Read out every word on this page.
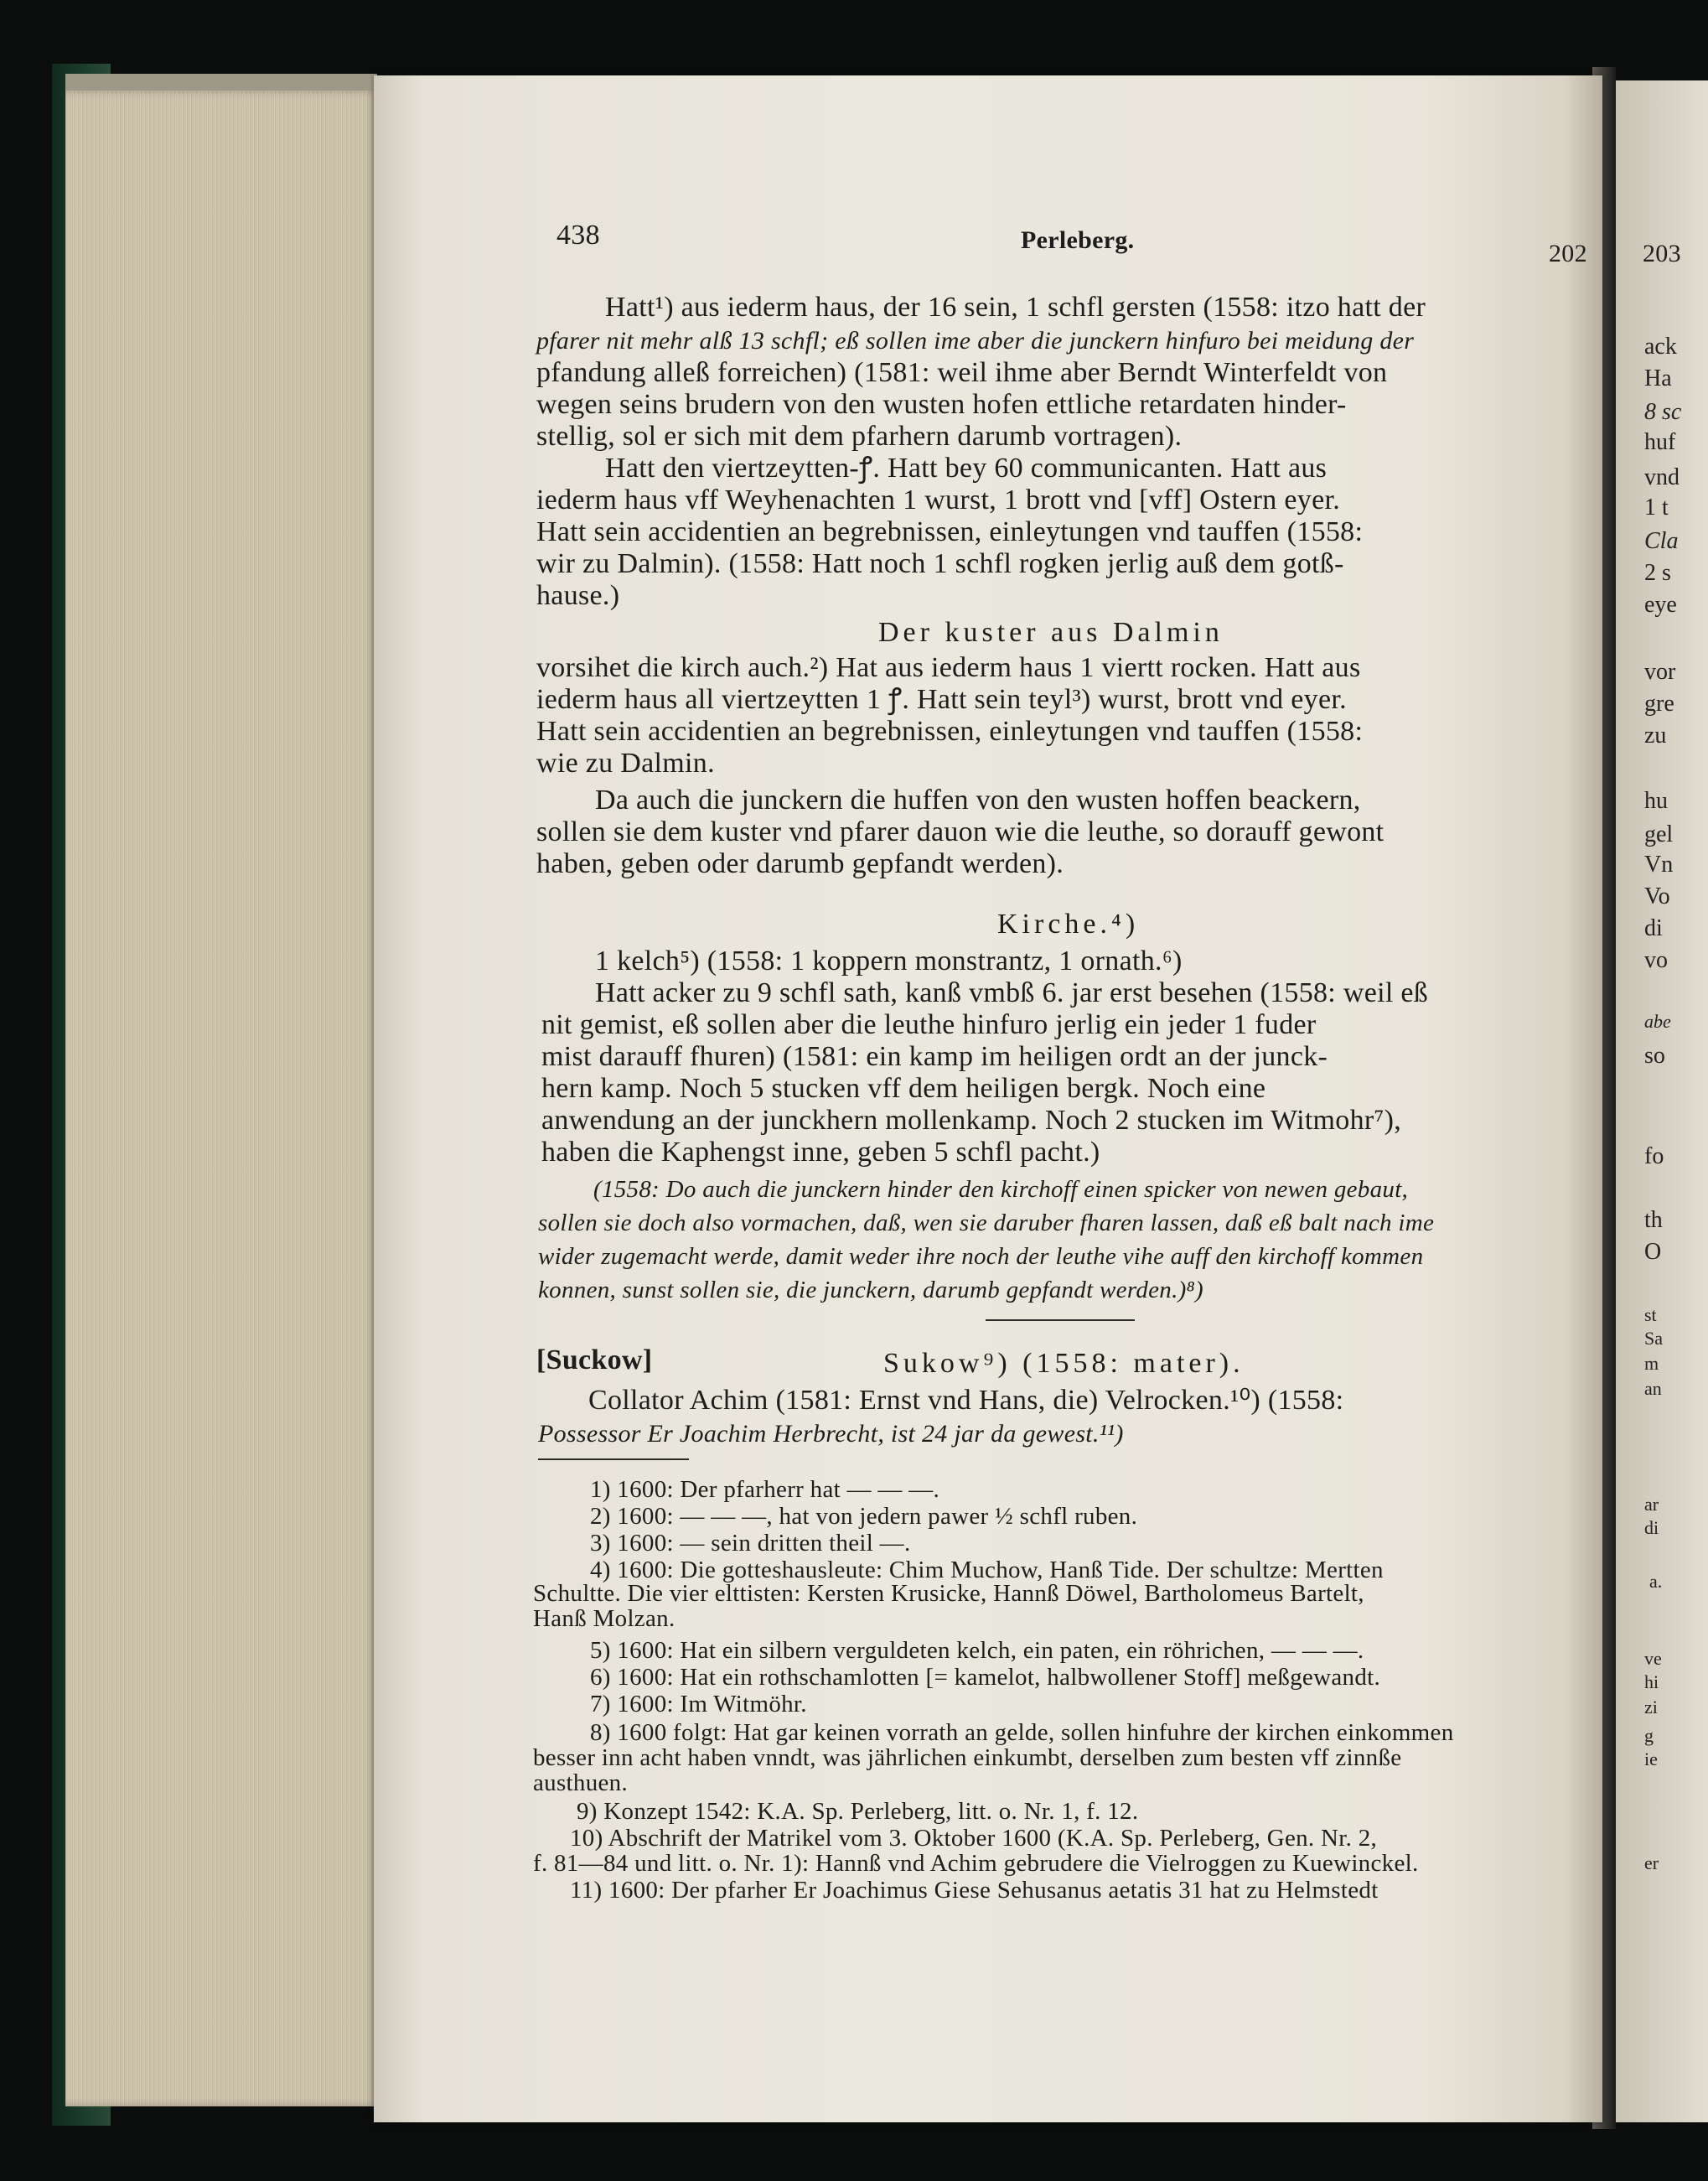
438	Perleberg.	202 203
Hatt¹) aus iederm haus, der 16 sein, 1 schfl gersten (1558: itzo hatt der
pfarer nit mehr alß 13 schfl; eß sollen ime aber die junckern hinfuro bei meidung der
pfandung alleß forreichen) (1581: weil ihme aber Berndt Winterfeldt von
wegen seins brudern von den wusten hofen ettliche retardaten hinder-
stellig, sol er sich mit dem pfarhern darumb vortragen).
Hatt den viertzeytten-ꝭ. Hatt bey 60 communicanten. Hatt aus
iederm haus vff Weyhenachten 1 wurst, 1 brott vnd [vff] Ostern eyer.
Hatt sein accidentien an begrebnissen, einleytungen vnd tauffen (1558:
wir zu Dalmin). (1558: Hatt noch 1 schfl rogken jerlig auß dem gotß-
hause.)
Der kuster aus Dalmin
vorsihet die kirch auch.²) Hat aus iederm haus 1 viertt rocken. Hatt aus
iederm haus all viertzeytten 1 ꝭ. Hatt sein teyl³) wurst, brott vnd eyer.
Hatt sein accidentien an begrebnissen, einleytungen vnd tauffen (1558:
wie zu Dalmin.
Da auch die junckern die huffen von den wusten hoffen beackern,
sollen sie dem kuster vnd pfarer dauon wie die leuthe, so dorauff gewont
haben, geben oder darumb gepfandt werden).
Kirche.⁴)
1 kelch⁵) (1558: 1 koppern monstrantz, 1 ornath.⁶)
Hatt acker zu 9 schfl sath, kanß vmbß 6. jar erst besehen (1558: weil eß
nit gemist, eß sollen aber die leuthe hinfuro jerlig ein jeder 1 fuder
mist darauff fhuren) (1581: ein kamp im heiligen ordt an der junck-
hern kamp. Noch 5 stucken vff dem heiligen bergk. Noch eine
anwendung an der junckhern mollenkamp. Noch 2 stucken im Witmohr⁷),
haben die Kaphengst inne, geben 5 schfl pacht.)
(1558: Do auch die junckern hinder den kirchoff einen spicker von newen gebaut,
sollen sie doch also vormachen, daß, wen sie daruber fharen lassen, daß eß balt nach ime
wider zugemacht werde, damit weder ihre noch der leuthe vihe auff den kirchoff kommen
konnen, sunst sollen sie, die junckern, darumb gepfandt werden.)⁸)
[Suckow]	Sukow⁹) (1558: mater).
Collator Achim (1581: Ernst vnd Hans, die) Velrocken.¹⁰) (1558:
Possessor Er Joachim Herbrecht, ist 24 jar da gewest.¹¹)
1) 1600: Der pfarherr hat — — —.
2) 1600: — — —, hat von jedern pawer ½ schfl ruben.
3) 1600: — sein dritten theil —.
4) 1600: Die gotteshausleute: Chim Muchow, Hanß Tide. Der schultze: Mertten
Schultte. Die vier elttisten: Kersten Krusicke, Hannß Döwel, Bartholomeus Bartelt,
Hanß Molzan.
5) 1600: Hat ein silbern verguldeten kelch, ein paten, ein röhrichen, — — —.
6) 1600: Hat ein rothschamlotten [= kamelot, halbwollener Stoff] meßgewandt.
7) 1600: Im Witmöhr.
8) 1600 folgt: Hat gar keinen vorrath an gelde, sollen hinfuhre der kirchen einkommen
besser inn acht haben vnndt, was jährlichen einkumbt, derselben zum besten vff zinnße
austhuen.
9) Konzept 1542: K.A. Sp. Perleberg, litt. o. Nr. 1, f. 12.
10) Abschrift der Matrikel vom 3. Oktober 1600 (K.A. Sp. Perleberg, Gen. Nr. 2,
f. 81—84 und litt. o. Nr. 1): Hannß vnd Achim gebrudere die Vielroggen zu Kuewinckel.
11) 1600: Der pfarher Er Joachimus Giese Sehusanus aetatis 31 hat zu Helmstedt
ack
Ha
8 sc
huf
vnd
1 t
Cla
2 s
eye
vor
gre
zu
hu
gel
Vn
Vo
di
vo
abe
so
fo
th
O
st
Sa
m
an
ar
di
a.
ve
hi
zi
g
ie
er
